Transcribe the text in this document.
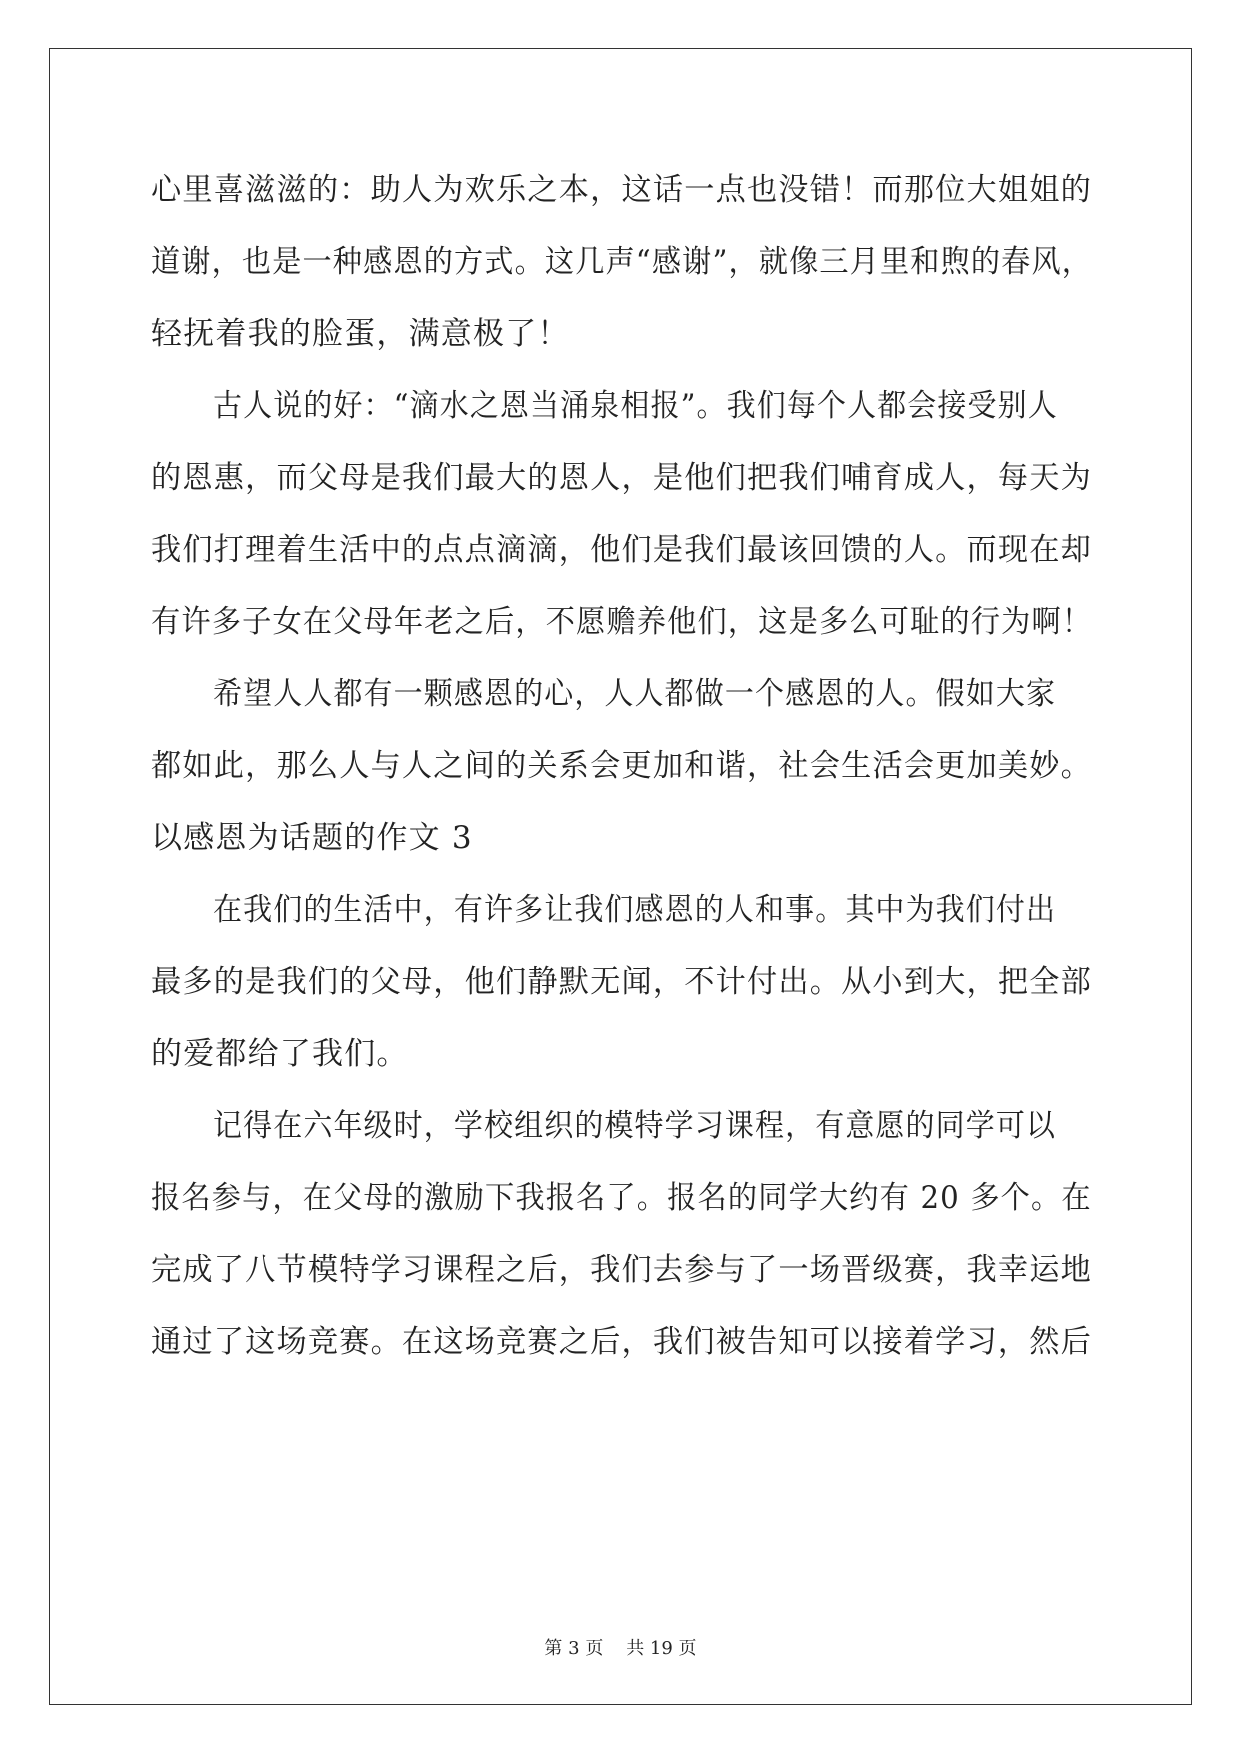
心里喜滋滋的：助人为欢乐之本，这话一点也没错！而那位大姐姐的
道谢，也是一种感恩的方式。这几声“感谢”，就像三月里和煦的春风，
轻抚着我的脸蛋，满意极了！
古人说的好：“滴水之恩当涌泉相报”。我们每个人都会接受别人
的恩惠，而父母是我们最大的恩人，是他们把我们哺育成人，每天为
我们打理着生活中的点点滴滴，他们是我们最该回馈的人。而现在却
有许多子女在父母年老之后，不愿赡养他们，这是多么可耻的行为啊！
希望人人都有一颗感恩的心，人人都做一个感恩的人。假如大家
都如此，那么人与人之间的关系会更加和谐，社会生活会更加美妙。
以感恩为话题的作文 3
在我们的生活中，有许多让我们感恩的人和事。其中为我们付出
最多的是我们的父母，他们静默无闻，不计付出。从小到大，把全部
的爱都给了我们。
记得在六年级时，学校组织的模特学习课程，有意愿的同学可以
报名参与，在父母的激励下我报名了。报名的同学大约有 20 多个。在
完成了八节模特学习课程之后，我们去参与了一场晋级赛，我幸运地
通过了这场竞赛。在这场竞赛之后，我们被告知可以接着学习，然后
第 3 页    共 19 页
